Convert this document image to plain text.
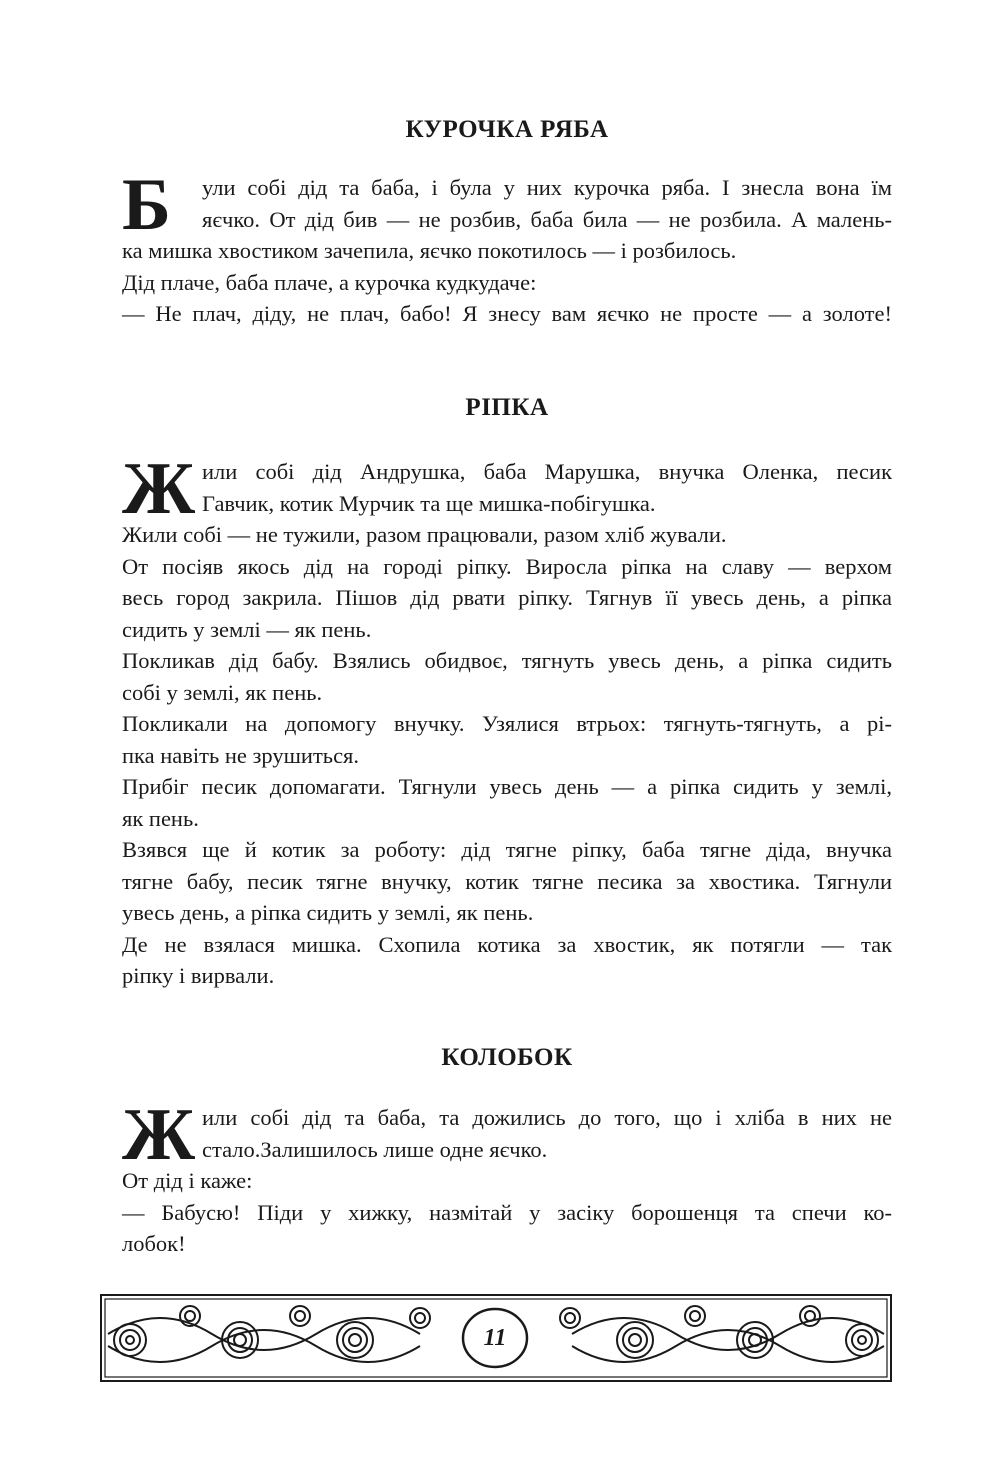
КУРОЧКА РЯБА
Б	ули собі дід та баба, і була у них курочка ряба. І знесла вона їм
яєчко. От дід бив — не розбив, баба била — не розбила. А малень-

ка мишка хвостиком зачепила, яєчко покотилось — і розбилось.
Дід плаче, баба плаче, а курочка кудкудаче:
— Не плач, діду, не плач, бабо! Я знесу вам яєчко не просте — а золоте!

РІПКА
Ж или собі дід Андрушка, баба Марушка, внучка Оленка, песик
Гавчик, котик Мурчик та ще мишка-побігушка.

Жили собі — не тужили, разом працювали, разом хліб жували.
От посіяв якось дід на городі ріпку. Виросла ріпка на славу — верхом
весь город закрила. Пішов дід рвати ріпку. Тягнув її увесь день, а ріпка
сидить у землі — як пень.
Покликав дід бабу. Взялись обидвоє, тягнуть увесь день, а ріпка сидить
собі у землі, як пень.
Покликали на допомогу внучку. Узялися втрьох: тягнуть-тягнуть, а рі-
пка навіть не зрушиться.
Прибіг песик допомагати. Тягнули увесь день — а ріпка сидить у землі,
як пень.
Взявся ще й котик за роботу: дід тягне ріпку, баба тягне діда, внучка
тягне бабу, песик тягне внучку, котик тягне песика за хвостика. Тягнули
увесь день, а ріпка сидить у землі, як пень.
Де не взялася мишка. Схопила котика за хвостик, як потягли — так
ріпку і вирвали.

КОЛОБОК
Ж или собі дід та баба, та дожились до того, що і хліба в них не
стало.Залишилось лише одне яєчко.

От дід і каже:
— Бабусю! Піди у хижку, назмітай у засіку борошенця та спечи ко-
лобок!

11
